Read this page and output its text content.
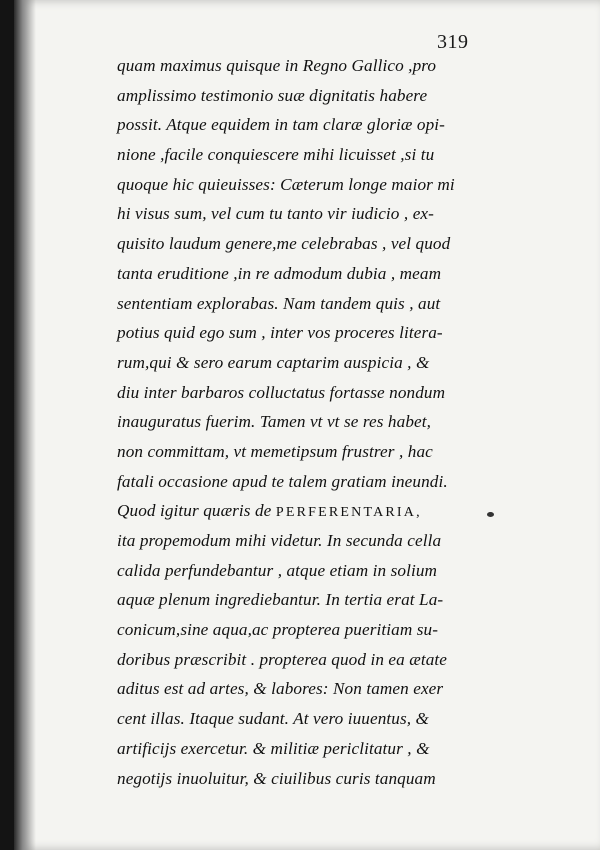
319
quam maximus quisque in Regno Gallico ,pro
amplissimo testimonio suæ dignitatis habere
possit. Atque equidem in tam claræ gloriæ opi-
nione ,facile conquiescere mihi licuisset ,si tu
quoque hic quieuisses: Cæterum longe maior mi
hi visus sum, vel cum tu tanto vir iudicio , ex-
quisito laudum genere,me celebrabas , vel quod
tanta eruditione ,in re admodum dubia , meam
sententiam explorabas. Nam tandem quis , aut
potius quid ego sum , inter vos proceres litera-
rum,qui & sero earum captarim auspicia , &
diu inter barbaros colluctatus fortasse nondum
inauguratus fuerim. Tamen vt vt se res habet,
non committam, vt memetipsum frustrer , hac
fatali occasione apud te talem gratiam ineundi.
Quod igitur quæris de PERFERENTARIA,
ita propemodum mihi videtur. In secunda cella
calida perfundebantur , atque etiam in solium
aquæ plenum ingrediebantur. In tertia erat La-
conicum,sine aqua,ac propterea pueritiam su-
doribus præscribit . propterea quod in ea ætate
aditus est ad artes, & labores: Non tamen exer
cent illas. Itaque sudant. At vero iuuentus, &
artificijs exercetur. & militiæ periclitatur , &
negotijs inuoluitur, & ciuilibus curis tanquam
